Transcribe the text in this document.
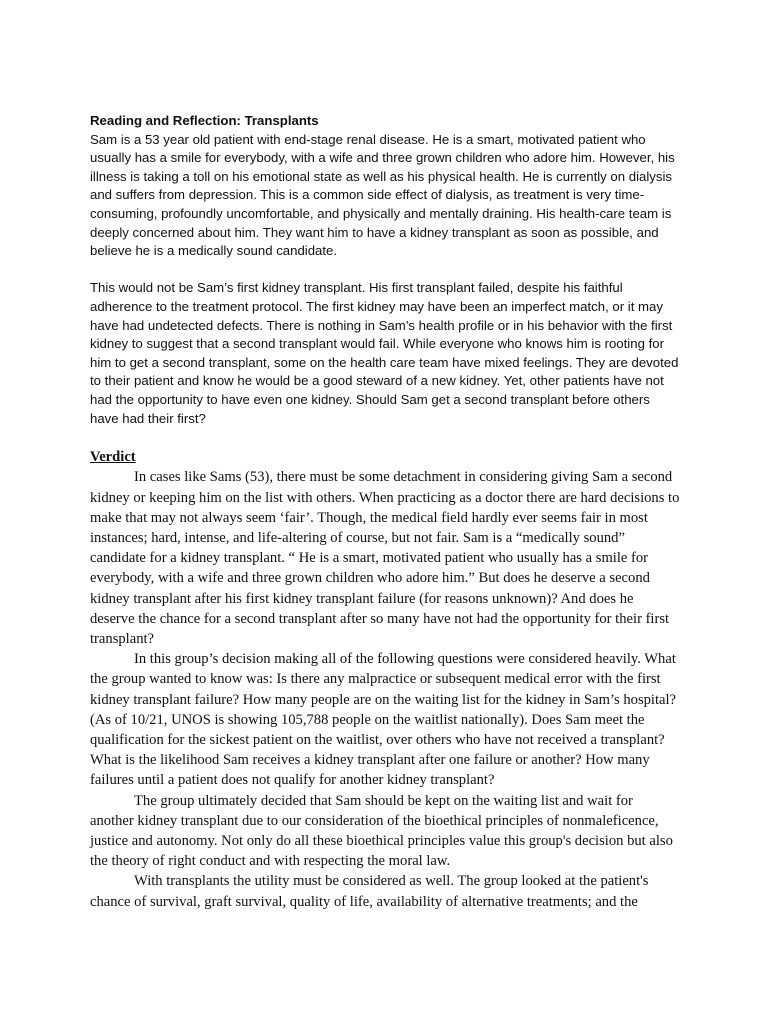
Reading and Reflection: Transplants

Sam is a 53 year old patient with end-stage renal disease. He is a smart, motivated patient who usually has a smile for everybody, with a wife and three grown children who adore him. However, his illness is taking a toll on his emotional state as well as his physical health. He is currently on dialysis and suffers from depression. This is a common side effect of dialysis, as treatment is very time-consuming, profoundly uncomfortable, and physically and mentally draining. His health-care team is deeply concerned about him. They want him to have a kidney transplant as soon as possible, and believe he is a medically sound candidate.

This would not be Sam’s first kidney transplant. His first transplant failed, despite his faithful adherence to the treatment protocol. The first kidney may have been an imperfect match, or it may have had undetected defects. There is nothing in Sam’s health profile or in his behavior with the first kidney to suggest that a second transplant would fail. While everyone who knows him is rooting for him to get a second transplant, some on the health care team have mixed feelings. They are devoted to their patient and know he would be a good steward of a new kidney. Yet, other patients have not had the opportunity to have even one kidney. Should Sam get a second transplant before others have had their first?

Verdict

In cases like Sams (53), there must be some detachment in considering giving Sam a second kidney or keeping him on the list with others. When practicing as a doctor there are hard decisions to make that may not always seem ‘fair’. Though, the medical field hardly ever seems fair in most instances; hard, intense, and life-altering of course, but not fair. Sam is a “medically sound” candidate for a kidney transplant. “ He is a smart, motivated patient who usually has a smile for everybody, with a wife and three grown children who adore him.” But does he deserve a second kidney transplant after his first kidney transplant failure (for reasons unknown)? And does he deserve the chance for a second transplant after so many have not had the opportunity for their first transplant?

In this group’s decision making all of the following questions were considered heavily. What the group wanted to know was: Is there any malpractice or subsequent medical error with the first kidney transplant failure? How many people are on the waiting list for the kidney in Sam’s hospital? (As of 10/21, UNOS is showing 105,788 people on the waitlist nationally). Does Sam meet the qualification for the sickest patient on the waitlist, over others who have not received a transplant? What is the likelihood Sam receives a kidney transplant after one failure or another? How many failures until a patient does not qualify for another kidney transplant?

The group ultimately decided that Sam should be kept on the waiting list and wait for another kidney transplant due to our consideration of the bioethical principles of nonmaleficence, justice and autonomy. Not only do all these bioethical principles value this group's decision but also the theory of right conduct and with respecting the moral law.

With transplants the utility must be considered as well. The group looked at the patient's chance of survival, graft survival, quality of life, availability of alternative treatments; and the
